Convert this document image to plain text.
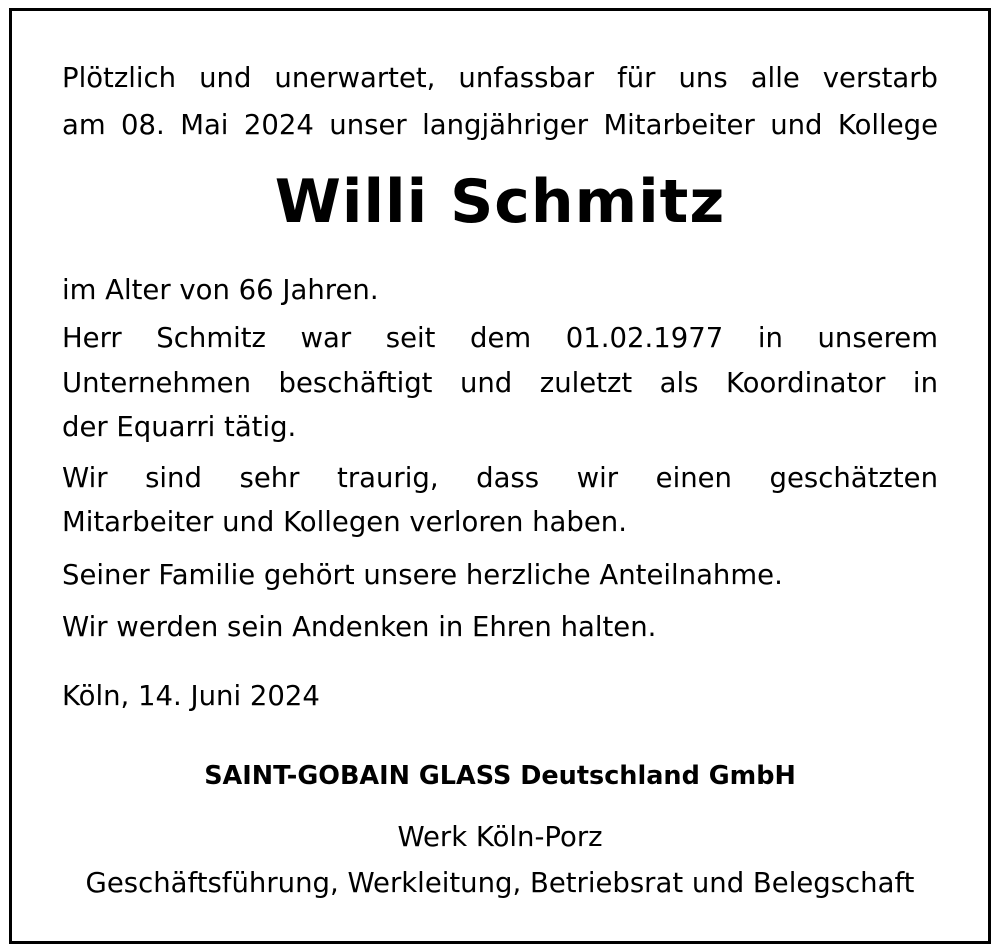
Plötzlich und unerwartet, unfassbar für uns alle verstarb
am 08. Mai 2024 unser langjähriger Mitarbeiter und Kollege
Willi Schmitz
im Alter von 66 Jahren.
Herr Schmitz war seit dem 01.02.1977 in unserem
Unternehmen beschäftigt und zuletzt als Koordinator in
der Equarri tätig.
Wir sind sehr traurig, dass wir einen geschätzten
Mitarbeiter und Kollegen verloren haben.
Seiner Familie gehört unsere herzliche Anteilnahme.
Wir werden sein Andenken in Ehren halten.
Köln, 14. Juni 2024
SAINT-GOBAIN GLASS Deutschland GmbH
Werk Köln-Porz
Geschäftsführung, Werkleitung, Betriebsrat und Belegschaft
